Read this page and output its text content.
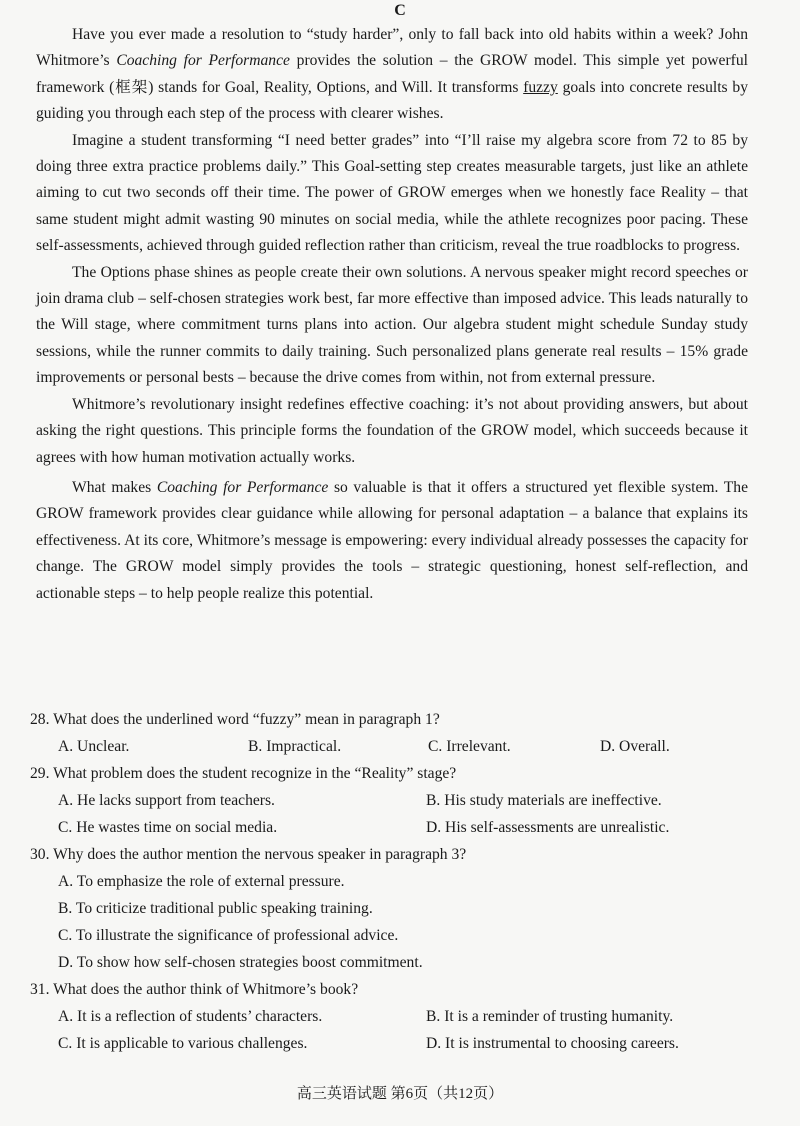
C

Have you ever made a resolution to “study harder”, only to fall back into old habits within a week? John Whitmore’s Coaching for Performance provides the solution – the GROW model. This simple yet powerful framework (框架) stands for Goal, Reality, Options, and Will. It transforms fuzzy goals into concrete results by guiding you through each step of the process with clearer wishes.

Imagine a student transforming “I need better grades” into “I’ll raise my algebra score from 72 to 85 by doing three extra practice problems daily.” This Goal-setting step creates measurable targets, just like an athlete aiming to cut two seconds off their time. The power of GROW emerges when we honestly face Reality – that same student might admit wasting 90 minutes on social media, while the athlete recognizes poor pacing. These self-assessments, achieved through guided reflection rather than criticism, reveal the true roadblocks to progress.

The Options phase shines as people create their own solutions. A nervous speaker might record speeches or join drama club – self-chosen strategies work best, far more effective than imposed advice. This leads naturally to the Will stage, where commitment turns plans into action. Our algebra student might schedule Sunday study sessions, while the runner commits to daily training. Such personalized plans generate real results – 15% grade improvements or personal bests – because the drive comes from within, not from external pressure.

Whitmore’s revolutionary insight redefines effective coaching: it’s not about providing answers, but about asking the right questions. This principle forms the foundation of the GROW model, which succeeds because it agrees with how human motivation actually works.

What makes Coaching for Performance so valuable is that it offers a structured yet flexible system. The GROW framework provides clear guidance while allowing for personal adaptation – a balance that explains its effectiveness. At its core, Whitmore’s message is empowering: every individual already possesses the capacity for change. The GROW model simply provides the tools – strategic questioning, honest self-reflection, and actionable steps – to help people realize this potential.

28. What does the underlined word “fuzzy” mean in paragraph 1?

A. Unclear.	B. Impractical.	C. Irrelevant.	D. Overall.

29. What problem does the student recognize in the “Reality” stage?

A. He lacks support from teachers.	B. His study materials are ineffective.
C. He wastes time on social media.	D. His self-assessments are unrealistic.

30. Why does the author mention the nervous speaker in paragraph 3?

A. To emphasize the role of external pressure.
B. To criticize traditional public speaking training.
C. To illustrate the significance of professional advice.
D. To show how self-chosen strategies boost commitment.

31. What does the author think of Whitmore’s book?

A. It is a reflection of students’ characters.	B. It is a reminder of trusting humanity.
C. It is applicable to various challenges.	D. It is instrumental to choosing careers.
高三英语试题 第6页（共12页）
